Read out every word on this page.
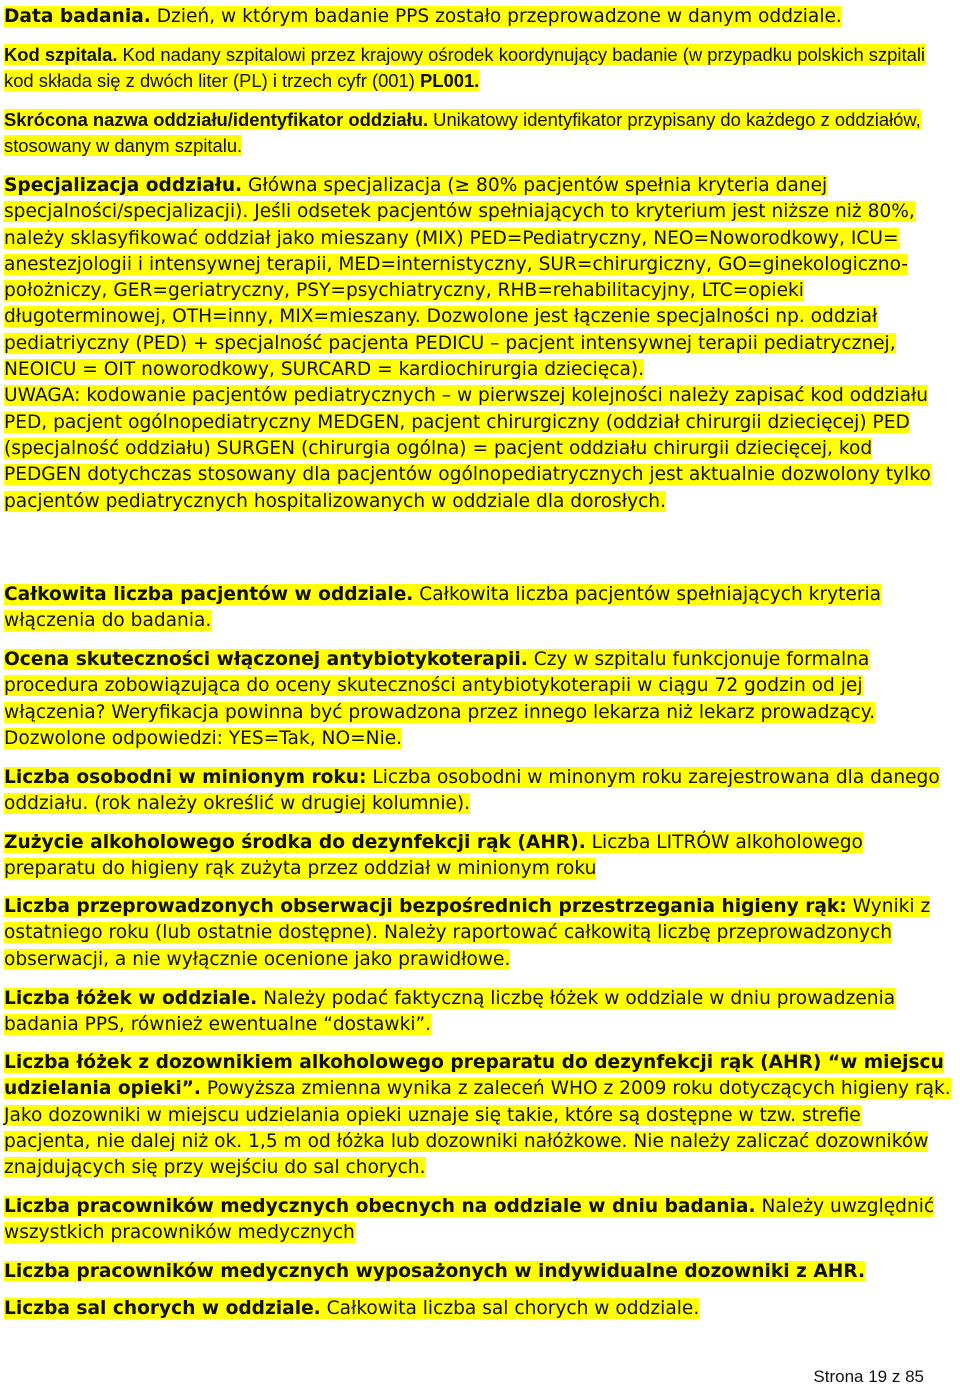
Data badania. Dzień, w którym badanie PPS zostało przeprowadzone w danym oddziale.

Kod szpitala. Kod nadany szpitalowi przez krajowy ośrodek koordynujący badanie (w przypadku polskich szpitali kod składa się z dwóch liter (PL) i trzech cyfr (001) PL001.

Skrócona nazwa oddziału/identyfikator oddziału. Unikatowy identyfikator przypisany do każdego z oddziałów, stosowany w danym szpitalu.

Specjalizacja oddziału. Główna specjalizacja (≥ 80% pacjentów spełnia kryteria danej specjalności/specjalizacji). Jeśli odsetek pacjentów spełniających to kryterium jest niższe niż 80%, należy sklasyfikować oddział jako mieszany (MIX) PED=Pediatryczny, NEO=Noworodkowy, ICU= anestezjologii i intensywnej terapii, MED=internistyczny, SUR=chirurgiczny, GO=ginekologiczno-położniczy, GER=geriatryczny, PSY=psychiatryczny, RHB=rehabilitacyjny, LTC=opieki długoterminowej, OTH=inny, MIX=mieszany. Dozwolone jest łączenie specjalności np. oddział pediatriyczny (PED) + specjalność pacjenta PEDICU – pacjent intensywnej terapii pediatrycznej, NEOICU = OIT noworodkowy, SURCARD = kardiochirurgia dziecięca).
UWAGA: kodowanie pacjentów pediatrycznych – w pierwszej kolejności należy zapisać kod oddziału PED, pacjent ogólnopediatryczny MEDGEN, pacjent chirurgiczny (oddział chirurgii dziecięcej) PED (specjalność oddziału) SURGEN (chirurgia ogólna) = pacjent oddziału chirurgii dziecięcej, kod PEDGEN dotychczas stosowany dla pacjentów ogólnopediatrycznych jest aktualnie dozwolony tylko pacjentów pediatrycznych hospitalizowanych w oddziale dla dorosłych.

Całkowita liczba pacjentów w oddziale. Całkowita liczba pacjentów spełniających kryteria włączenia do badania.

Ocena skuteczności włączonej antybiotykoterapii. Czy w szpitalu funkcjonuje formalna procedura zobowiązująca do oceny skuteczności antybiotykoterapii w ciągu 72 godzin od jej włączenia? Weryfikacja powinna być prowadzona przez innego lekarza niż lekarz prowadzący. Dozwolone odpowiedzi: YES=Tak, NO=Nie.

Liczba osobodni w minionym roku: Liczba osobodni w minonym roku zarejestrowana dla danego oddziału. (rok należy określić w drugiej kolumnie).

Zużycie alkoholowego środka do dezynfekcji rąk (AHR). Liczba LITRÓW alkoholowego preparatu do higieny rąk zużyta przez oddział w minionym roku

Liczba przeprowadzonych obserwacji bezpośrednich przestrzegania higieny rąk: Wyniki z ostatniego roku (lub ostatnie dostępne). Należy raportować całkowitą liczbę przeprowadzonych obserwacji, a nie wyłącznie ocenione jako prawidłowe.

Liczba łóżek w oddziale. Należy podać faktyczną liczbę łóżek w oddziale w dniu prowadzenia badania PPS, również ewentualne “dostawki”.

Liczba łóżek z dozownikiem alkoholowego preparatu do dezynfekcji rąk (AHR) “w miejscu udzielania opieki”. Powyższa zmienna wynika z zaleceń WHO z 2009 roku dotyczących higieny rąk. Jako dozowniki w miejscu udzielania opieki uznaje się takie, które są dostępne w tzw. strefie pacjenta, nie dalej niż ok. 1,5 m od łóżka lub dozowniki nałóżkowe. Nie należy zaliczać dozowników znajdujących się przy wejściu do sal chorych.

Liczba pracowników medycznych obecnych na oddziale w dniu badania. Należy uwzględnić wszystkich pracowników medycznych

Liczba pracowników medycznych wyposażonych w indywidualne dozowniki z AHR.

Liczba sal chorych w oddziale. Całkowita liczba sal chorych w oddziale.

Strona 19 z 85
